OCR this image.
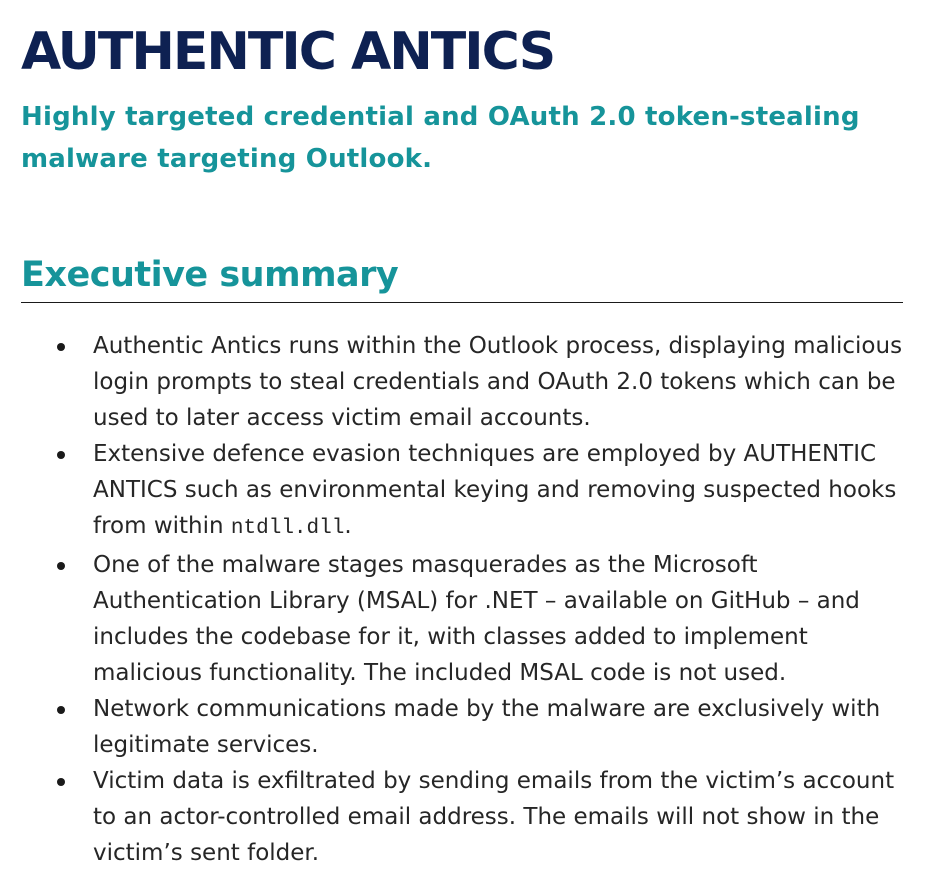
AUTHENTIC ANTICS
Highly targeted credential and OAuth 2.0 token-stealing malware targeting Outlook.
Executive summary
Authentic Antics runs within the Outlook process, displaying malicious login prompts to steal credentials and OAuth 2.0 tokens which can be used to later access victim email accounts.
Extensive defence evasion techniques are employed by AUTHENTIC ANTICS such as environmental keying and removing suspected hooks from within ntdll.dll.
One of the malware stages masquerades as the Microsoft Authentication Library (MSAL) for .NET – available on GitHub – and includes the codebase for it, with classes added to implement malicious functionality. The included MSAL code is not used.
Network communications made by the malware are exclusively with legitimate services.
Victim data is exfiltrated by sending emails from the victim’s account to an actor-controlled email address. The emails will not show in the victim’s sent folder.
